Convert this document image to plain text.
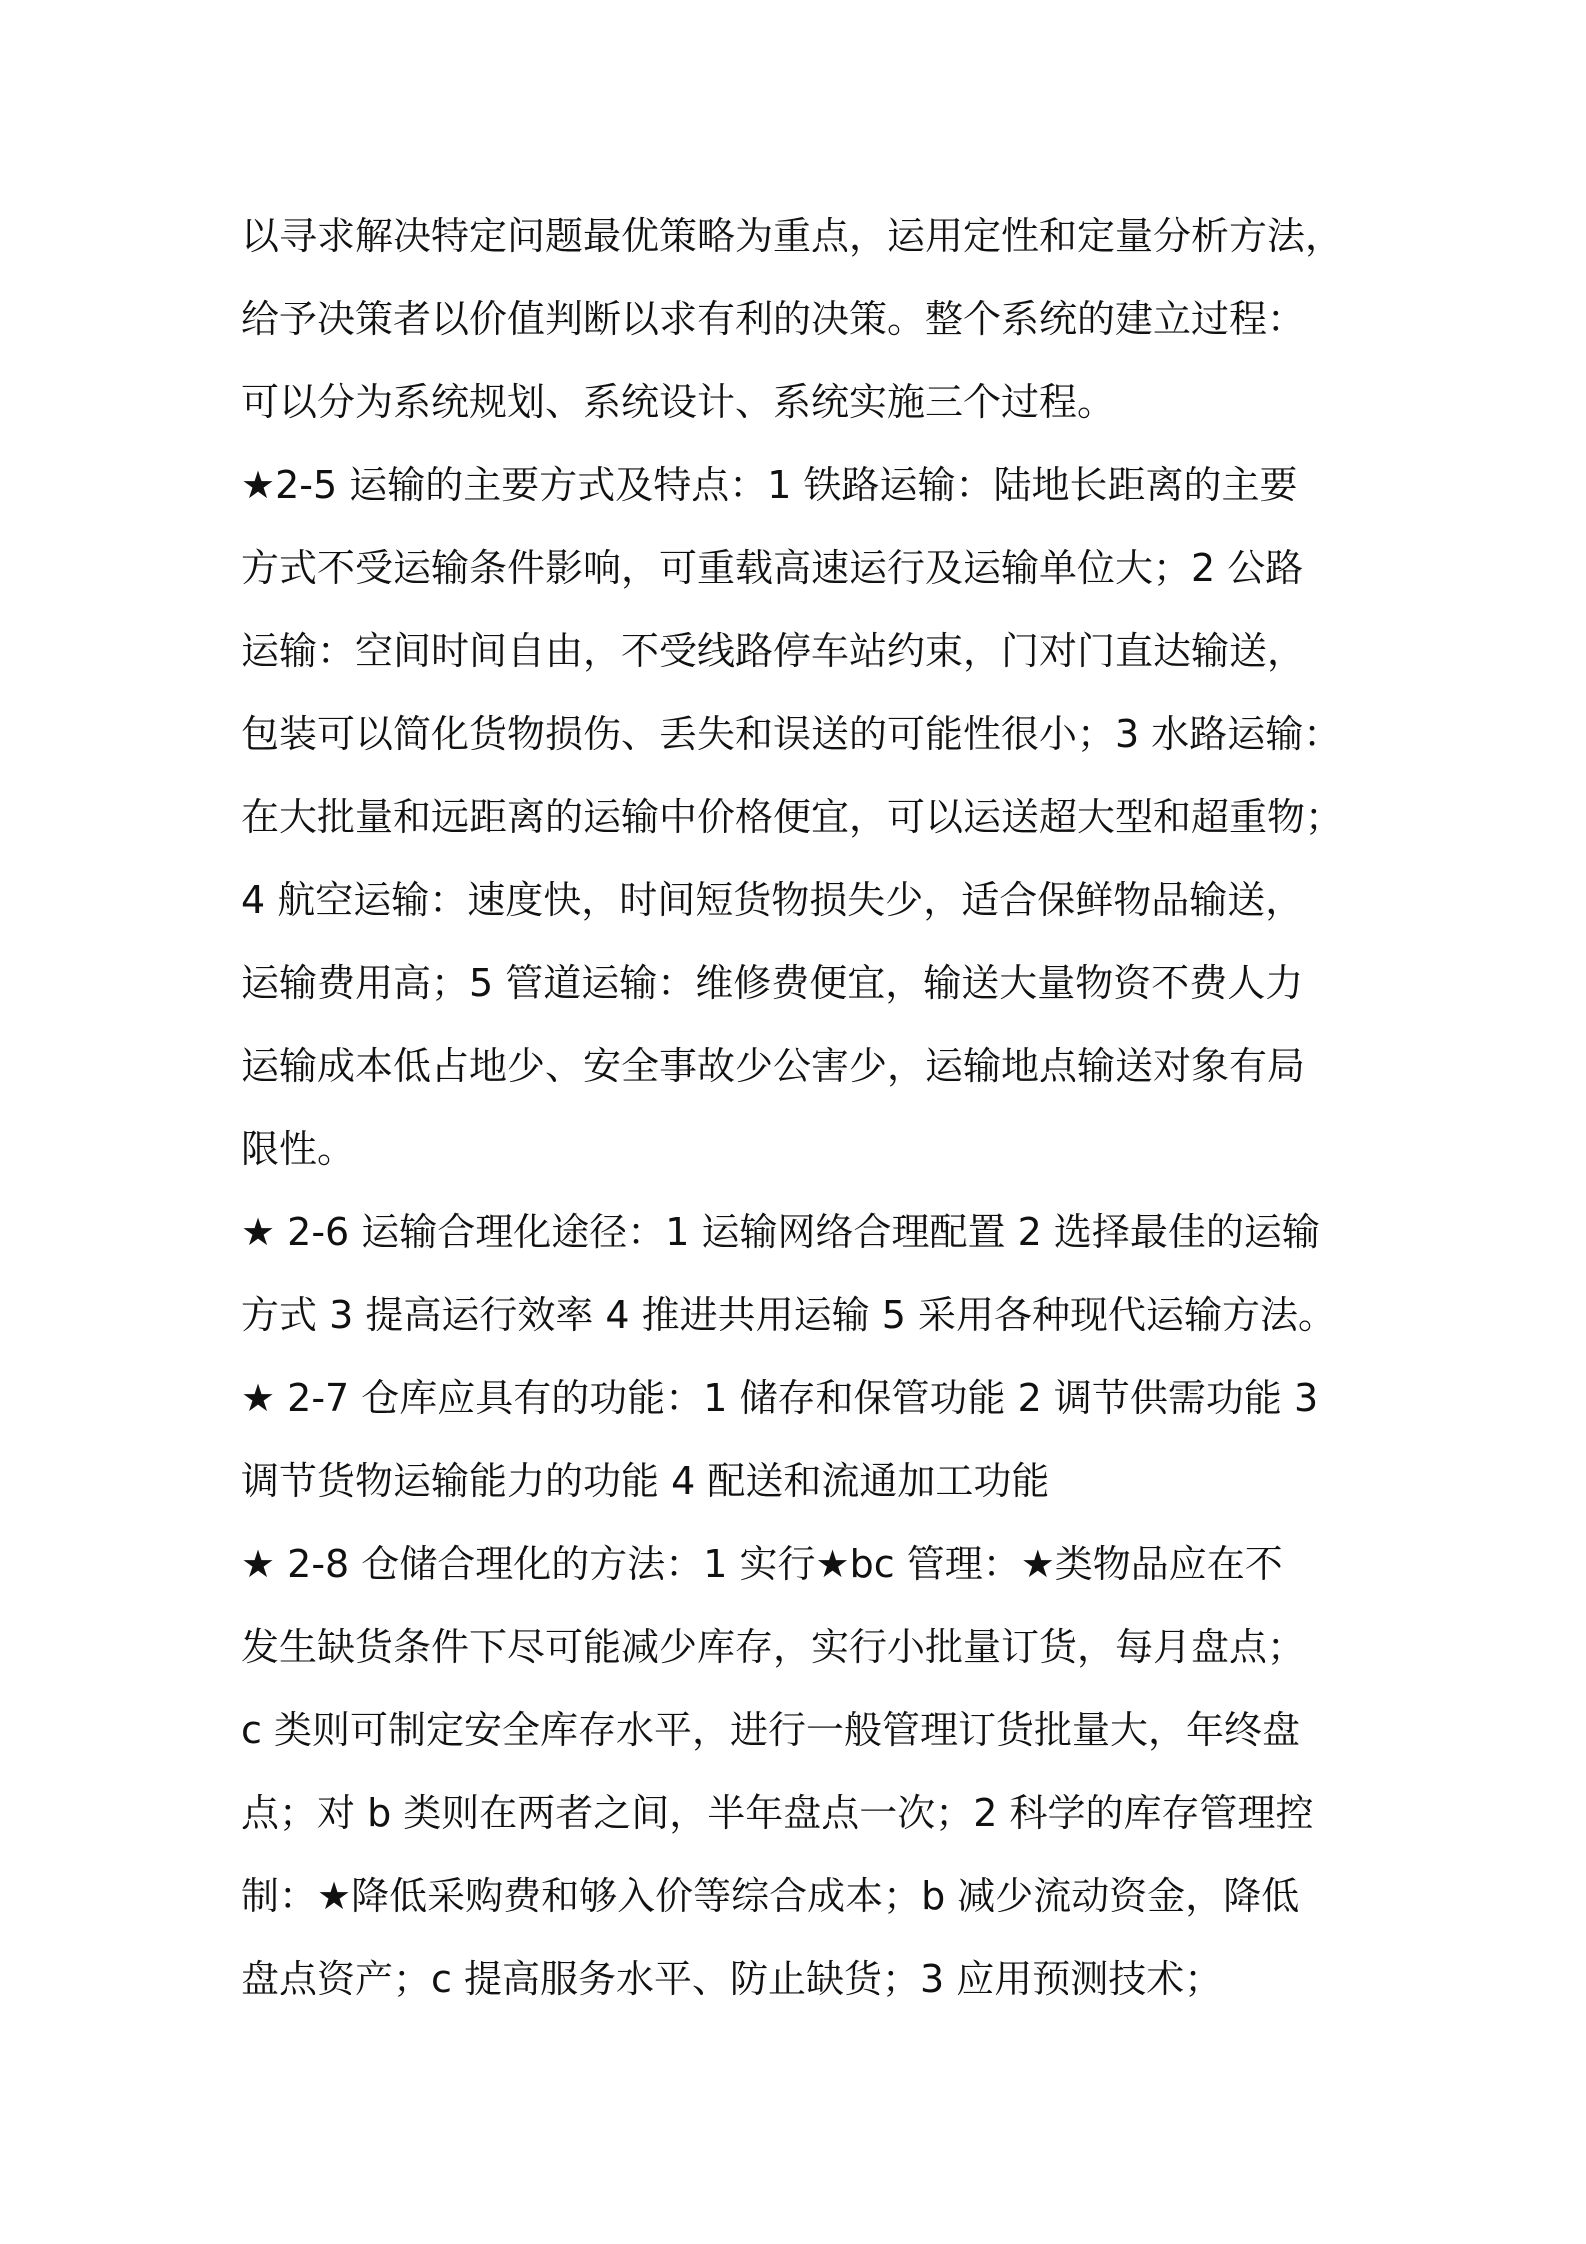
以寻求解决特定问题最优策略为重点，运用定性和定量分析方法，
给予决策者以价值判断以求有利的决策。整个系统的建立过程：
可以分为系统规划、系统设计、系统实施三个过程。
★2-5 运输的主要方式及特点：1 铁路运输：陆地长距离的主要
方式不受运输条件影响，可重载高速运行及运输单位大；2 公路
运输：空间时间自由，不受线路停车站约束，门对门直达输送，
包装可以简化货物损伤、丢失和误送的可能性很小；3 水路运输：
在大批量和远距离的运输中价格便宜，可以运送超大型和超重物；
4 航空运输：速度快，时间短货物损失少，适合保鲜物品输送，
运输费用高；5 管道运输：维修费便宜，输送大量物资不费人力
运输成本低占地少、安全事故少公害少，运输地点输送对象有局
限性。
★ 2-6 运输合理化途径：1 运输网络合理配置 2 选择最佳的运输
方式 3 提高运行效率 4 推进共用运输 5 采用各种现代运输方法。
★ 2-7 仓库应具有的功能：1 储存和保管功能 2 调节供需功能 3
调节货物运输能力的功能 4 配送和流通加工功能
★ 2-8 仓储合理化的方法：1 实行★bc 管理：★类物品应在不
发生缺货条件下尽可能减少库存，实行小批量订货，每月盘点；
c 类则可制定安全库存水平，进行一般管理订货批量大，年终盘
点；对 b 类则在两者之间，半年盘点一次；2 科学的库存管理控
制：★降低采购费和够入价等综合成本；b 减少流动资金，降低
盘点资产；c 提高服务水平、防止缺货；3 应用预测技术；
